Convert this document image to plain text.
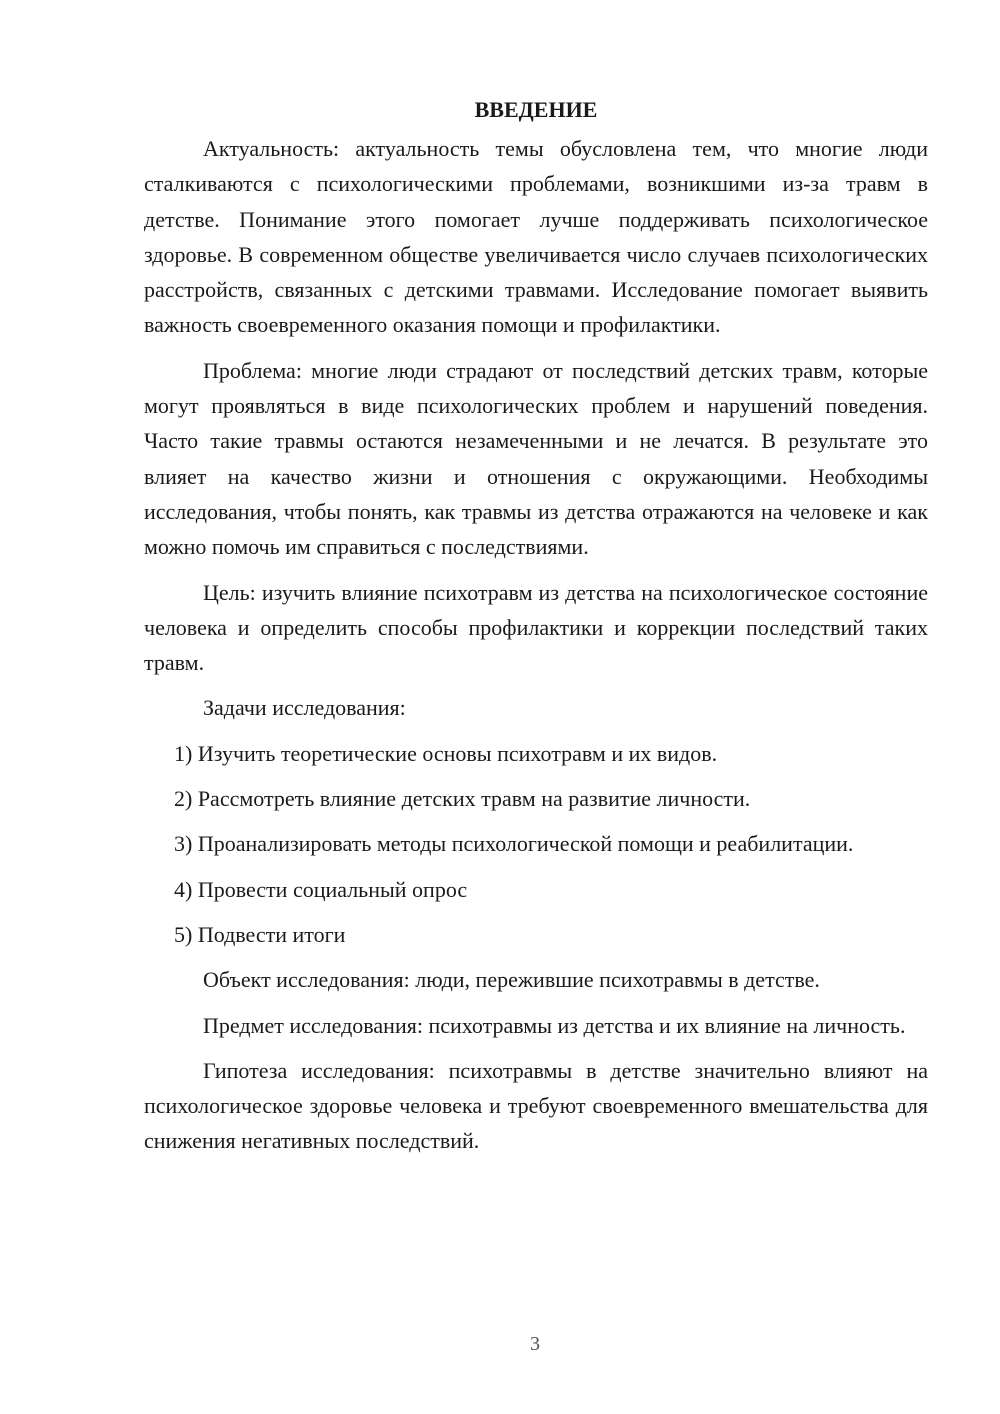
ВВЕДЕНИЕ

Актуальность: актуальность темы обусловлена тем, что многие люди сталкиваются с психологическими проблемами, возникшими из-за травм в детстве. Понимание этого помогает лучше поддерживать психологическое здоровье. В современном обществе увеличивается число случаев психологических расстройств, связанных с детскими травмами. Исследование помогает выявить важность своевременного оказания помощи и профилактики.

Проблема: многие люди страдают от последствий детских травм, которые могут проявляться в виде психологических проблем и нарушений поведения. Часто такие травмы остаются незамеченными и не лечатся. В результате это влияет на качество жизни и отношения с окружающими. Необходимы исследования, чтобы понять, как травмы из детства отражаются на человеке и как можно помочь им справиться с последствиями.

Цель: изучить влияние психотравм из детства на психологическое состояние человека и определить способы профилактики и коррекции последствий таких травм.

Задачи исследования:

1) Изучить теоретические основы психотравм и их видов.

2) Рассмотреть влияние детских травм на развитие личности.

3) Проанализировать методы психологической помощи и реабилитации.

4) Провести социальный опрос

5) Подвести итоги

Объект исследования: люди, пережившие психотравмы в детстве.

Предмет исследования: психотравмы из детства и их влияние на личность.

Гипотеза исследования: психотравмы в детстве значительно влияют на психологическое здоровье человека и требуют своевременного вмешательства для снижения негативных последствий.

3
